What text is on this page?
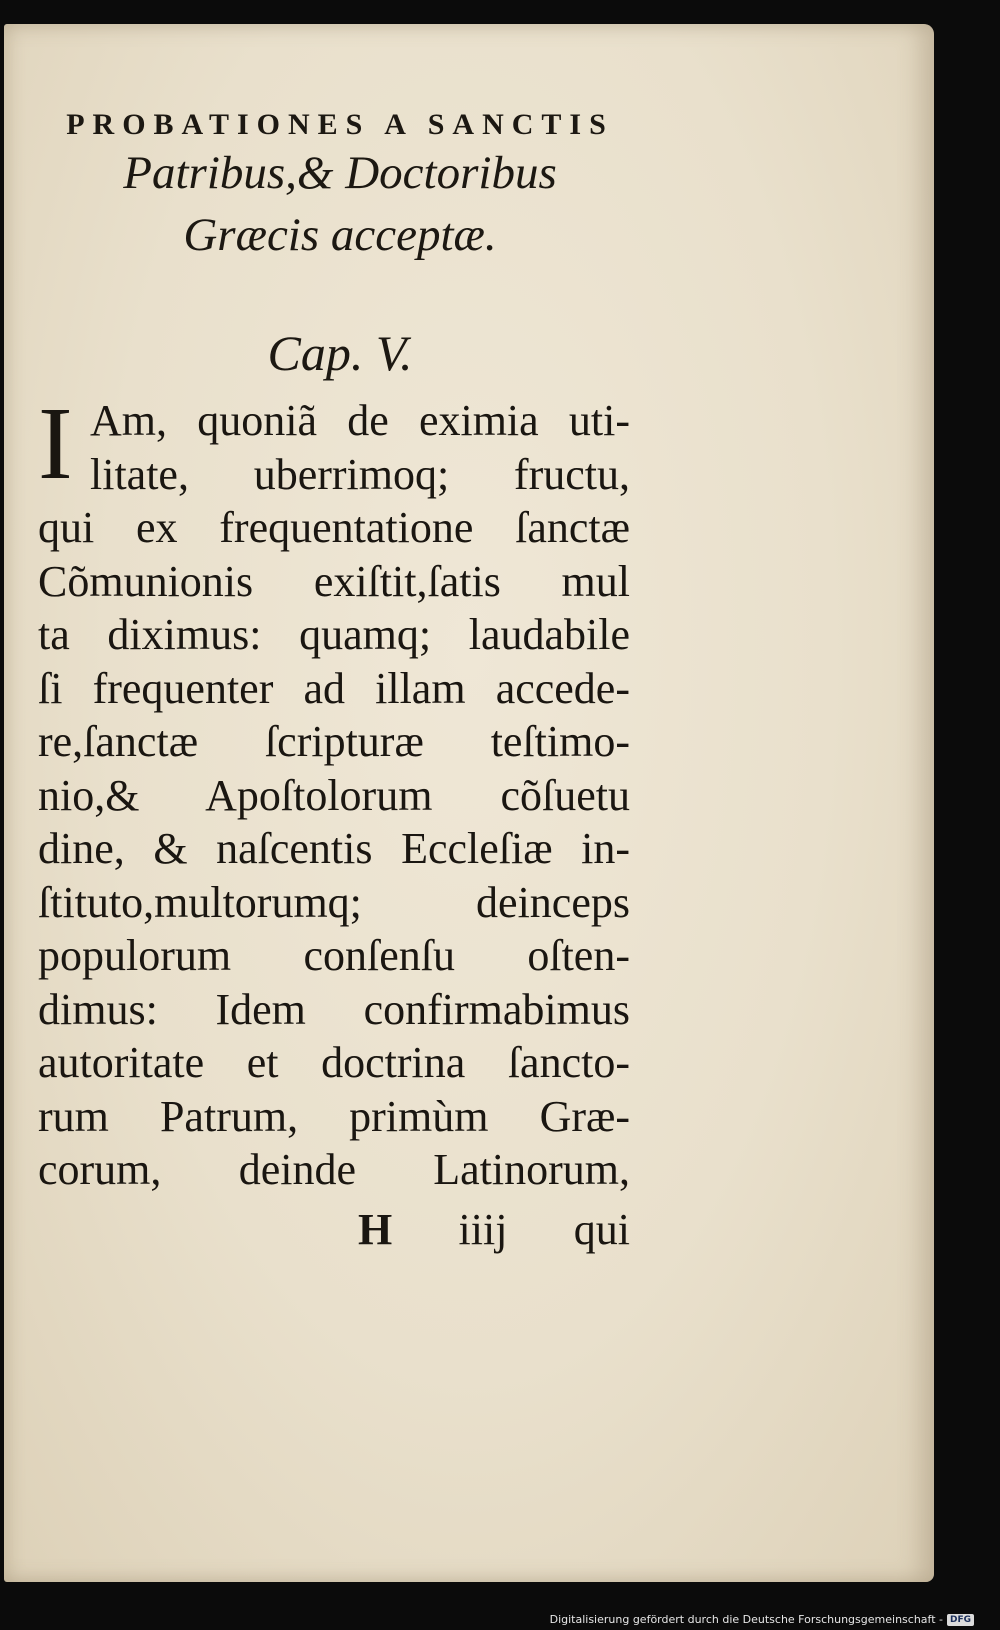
PROBATIONES A SANCTIS
Patribus,& Doctoribus
Græcis acceptæ.
Cap. V.
I Am, quoniã de eximia uti-
litate, uberrimoq; fructu,
qui ex frequentatione ſanctæ
Cõmunionis exiſtit,ſatis mul
ta diximus: quamq; laudabile
ſi frequenter ad illam accede-
re,ſanctæ ſcripturæ teſtimo-
nio,& Apoſtolorum cõſuetu
dine, & naſcentis Eccleſiæ in-
ſtituto,multorumq; deinceps
populorum conſenſu oſten-
dimus: Idem confirmabimus
autoritate et doctrina ſancto-
rum Patrum, primùm Græ-
corum, deinde Latinorum,
H iiij qui
Digitalisierung gefördert durch die Deutsche Forschungsgemeinschaft - DFG
